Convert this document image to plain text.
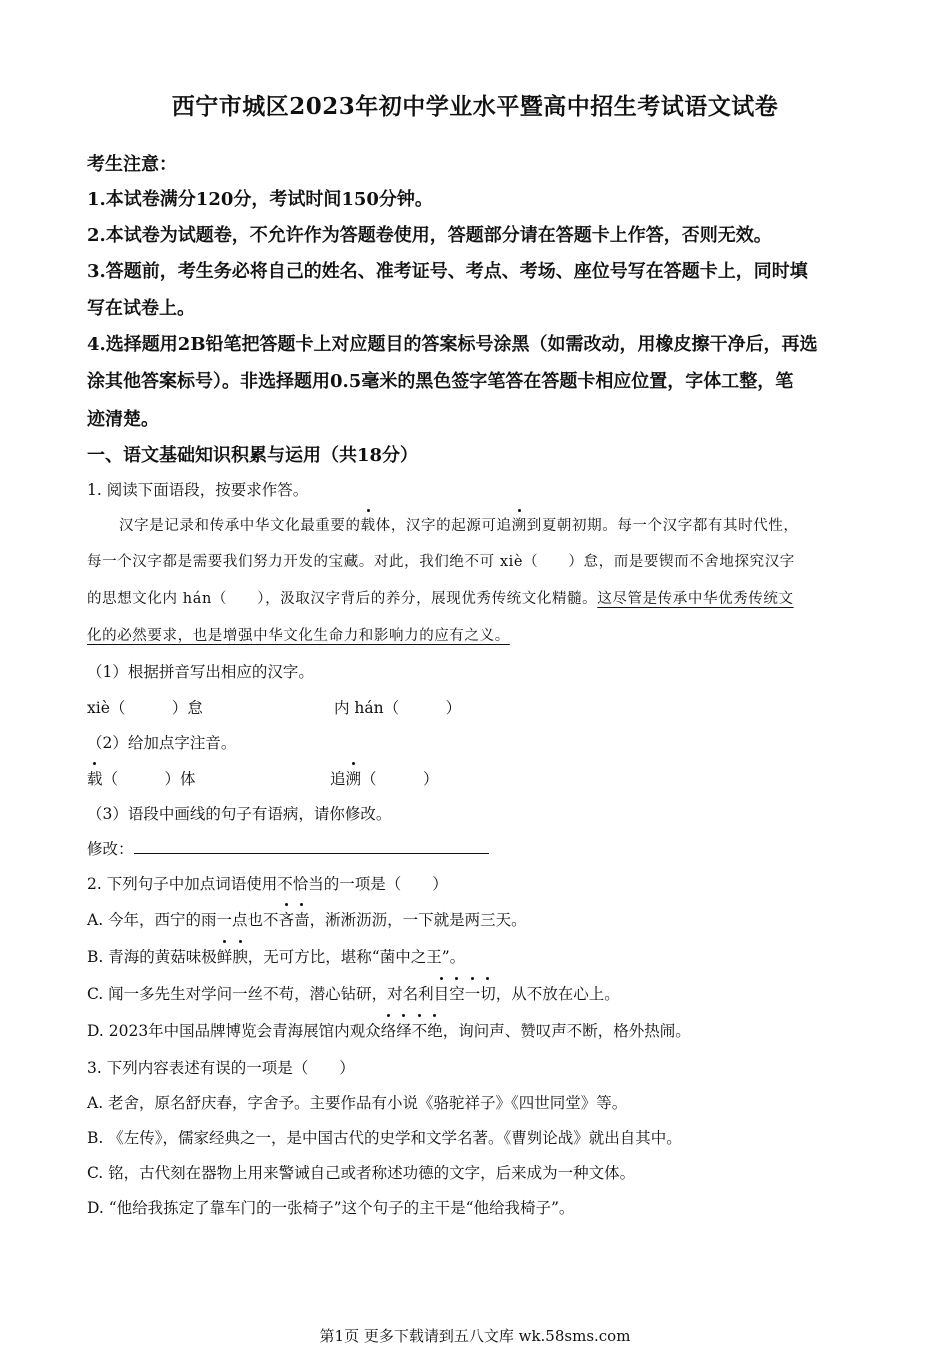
西宁市城区2023年初中学业水平暨高中招生考试语文试卷
考生注意：
1.本试卷满分120分，考试时间150分钟。
2.本试卷为试题卷，不允许作为答题卷使用，答题部分请在答题卡上作答，否则无效。
3.答题前，考生务必将自己的姓名、准考证号、考点、考场、座位号写在答题卡上，同时填
写在试卷上。
4.选择题用2B铅笔把答题卡上对应题目的答案标号涂黑（如需改动，用橡皮擦干净后，再选
涂其他答案标号）。非选择题用0.5毫米的黑色签字笔答在答题卡相应位置，字体工整，笔
迹清楚。
一、语文基础知识积累与运用（共18分）
1. 阅读下面语段，按要求作答。
汉字是记录和传承中华文化最重要的载体，汉字的起源可追溯到夏朝初期。每一个汉字都有其时代性，
每一个汉字都是需要我们努力开发的宝藏。对此，我们绝不可 xiè（　　）怠，而是要锲而不舍地探究汉字
的思想文化内 hán（　　），汲取汉字背后的养分，展现优秀传统文化精髓。这尽管是传承中华优秀传统文
化的必然要求，也是增强中华文化生命力和影响力的应有之义。
（1）根据拼音写出相应的汉字。
xiè（　　　）怠	内 hán（　　　）
（2）给加点字注音。
载（　　　）体	追溯（　　　）
（3）语段中画线的句子有语病，请你修改。
修改：
2. 下列句子中加点词语使用不恰当的一项是（　　）
A. 今年，西宁的雨一点也不吝啬，淅淅沥沥，一下就是两三天。
B. 青海的黄菇味极鲜腴，无可方比，堪称“菌中之王”。
C. 闻一多先生对学问一丝不苟，潜心钻研，对名利目空一切，从不放在心上。
D. 2023年中国品牌博览会青海展馆内观众络绎不绝，询问声、赞叹声不断，格外热闹。
3. 下列内容表述有误的一项是（　　）
A. 老舍，原名舒庆春，字舍予。主要作品有小说《骆驼祥子》《四世同堂》等。
B. 《左传》，儒家经典之一，是中国古代的史学和文学名著。《曹刿论战》就出自其中。
C. 铭，古代刻在器物上用来警诫自己或者称述功德的文字，后来成为一种文体。
D. “他给我拣定了靠车门的一张椅子”这个句子的主干是“他给我椅子”。
第1页 更多下载请到五八文库 wk.58sms.com
